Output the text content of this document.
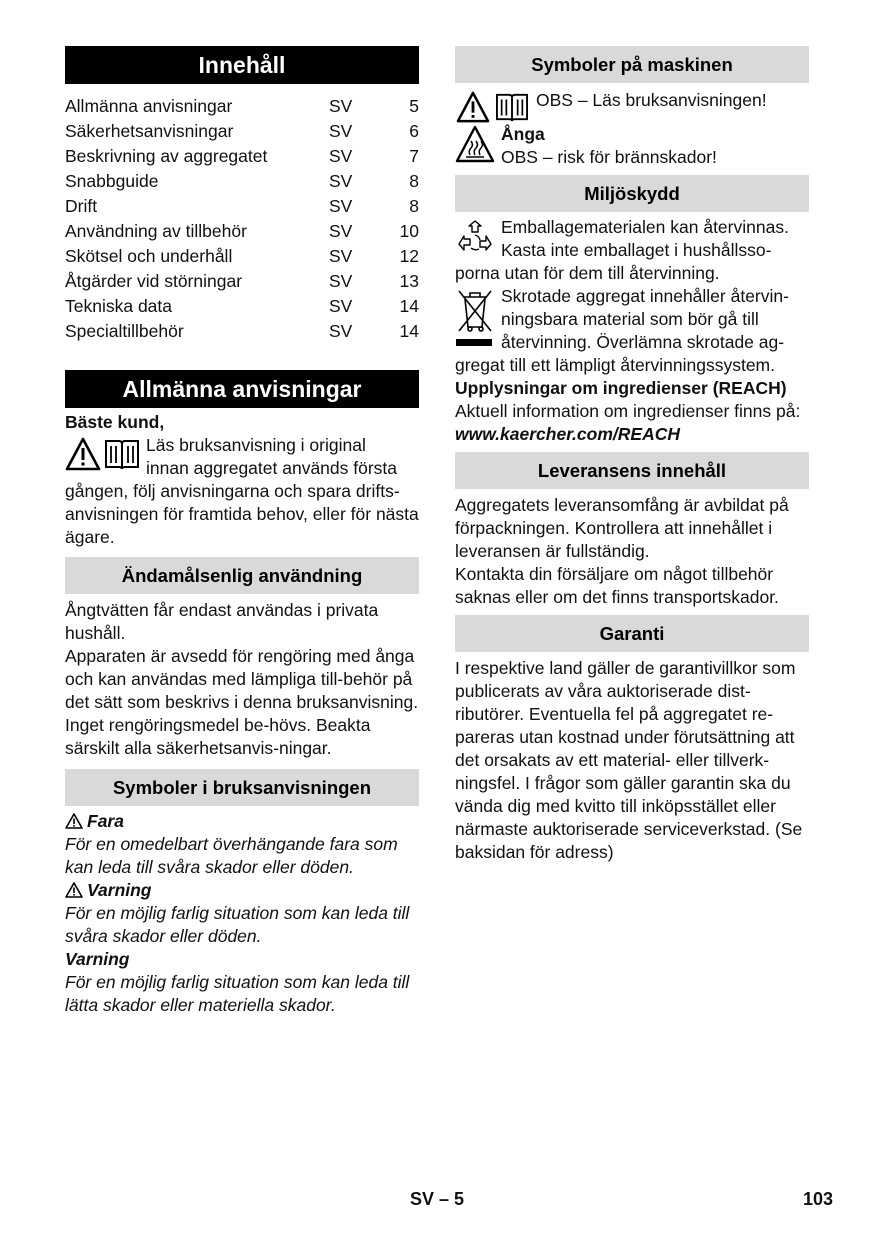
Innehåll
Allmänna anvisningar	SV	5
Säkerhetsanvisningar	SV	6
Beskrivning av aggregatet	SV	7
Snabbguide	SV	8
Drift	SV	8
Användning av tillbehör	SV	10
Skötsel och underhåll	SV	12
Åtgärder vid störningar	SV	13
Tekniska data	SV	14
Specialtillbehör	SV	14
Allmänna anvisningar

Bäste kund,

Läs bruksanvisning i original

innan aggregatet används första

gången, följ anvisningarna och spara drifts-anvisningen för framtida behov, eller för nästa ägare.

Ändamålsenlig användning

Ångtvätten får endast användas i privata hushåll.

Apparaten är avsedd för rengöring med ånga och kan användas med lämpliga till-behör på det sätt som beskrivs i denna bruksanvisning. Inget rengöringsmedel be-hövs. Beakta särskilt alla säkerhetsanvis-ningar.

Symboler i bruksanvisningen

Fara

För en omedelbart överhängande fara som kan leda till svåra skador eller döden.

Varning

För en möjlig farlig situation som kan leda till svåra skador eller döden.

Varning

För en möjlig farlig situation som kan leda till lätta skador eller materiella skador.

Symboler på maskinen

OBS – Läs bruksanvisningen!

Ånga

OBS – risk för brännskador!

Miljöskydd

Emballagematerialen kan återvinnas.

Kasta inte emballaget i hushållsso-

porna utan för dem till återvinning.

Skrotade aggregat innehåller återvin-

ningsbara material som bör gå till

återvinning. Överlämna skrotade ag-

gregat till ett lämpligt återvinningssystem.

Upplysningar om ingredienser (REACH)

Aktuell information om ingredienser finns på:

www.kaercher.com/REACH

Leveransens innehåll

Aggregatets leveransomfång är avbildat på förpackningen. Kontrollera att innehållet i leveransen är fullständig.

Kontakta din försäljare om något tillbehör saknas eller om det finns transportskador.

Garanti

I respektive land gäller de garantivillkor som publicerats av våra auktoriserade dist-ributörer. Eventuella fel på aggregatet re-pareras utan kostnad under förutsättning att det orsakats av ett material- eller tillverk-ningsfel. I frågor som gäller garantin ska du vända dig med kvitto till inköpsstället eller närmaste auktoriserade serviceverkstad. (Se baksidan för adress)

SV – 5	103
